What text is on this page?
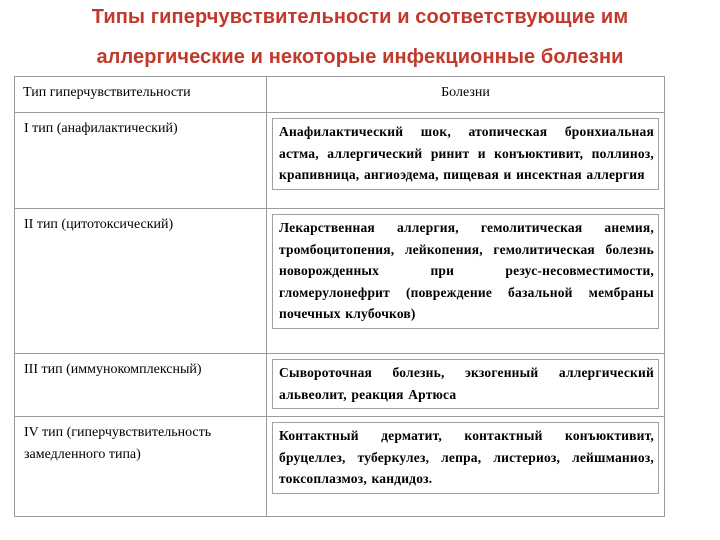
Типы гиперчувствительности и соответствующие им
аллергические и некоторые инфекционные болезни
Тип гиперчувствительности	Болезни

I тип (анафилактический)	Анафилактический шок, атопическая бронхиальная астма, аллергический ринит и конъюктивит, поллиноз, крапивница, ангиоэдема, пищевая и инсектная аллергия

II тип (цитотоксический)	Лекарственная аллергия, гемолитическая анемия, тромбоцитопения, лейкопения, гемолитическая болезнь новорожденных при резус-несовместимости, гломерулонефрит (повреждение базальной мембраны почечных клубочков)

III тип (иммунокомплексный)	Сывороточная болезнь, экзогенный аллергический альвеолит, реакция Артюса

IV тип (гиперчувствительность замедленного типа)	Контактный дерматит, контактный конъюктивит, бруцеллез, туберкулез, лепра, листериоз, лейшманиоз, токсоплазмоз, кандидоз.
